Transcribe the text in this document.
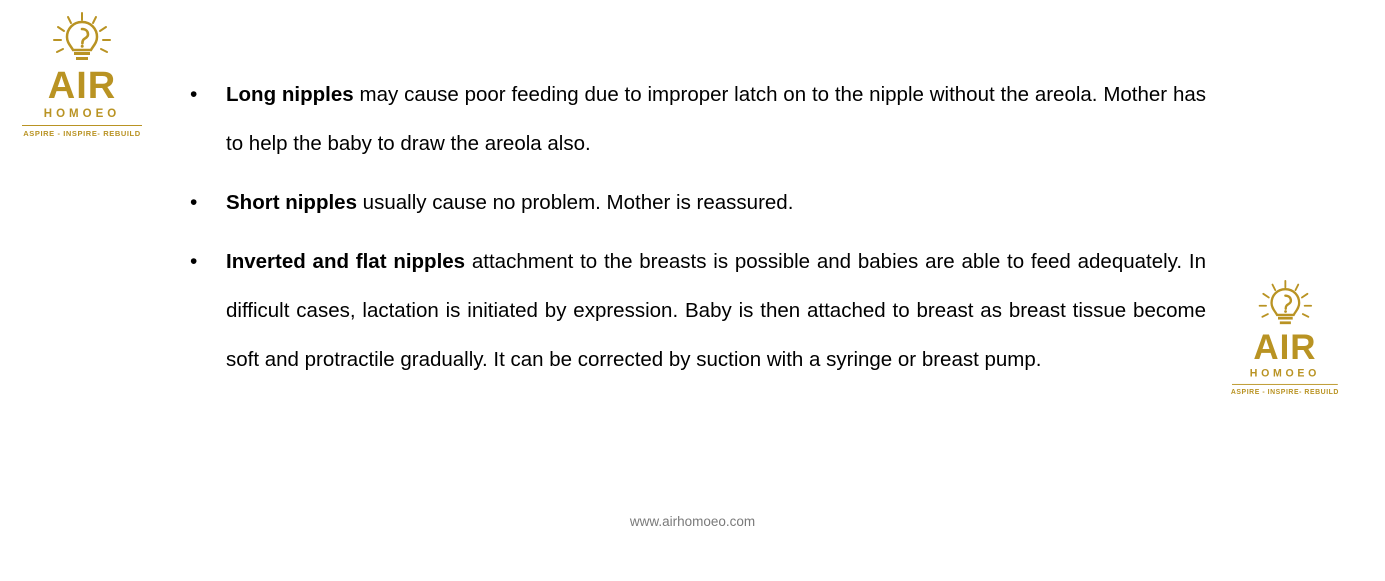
AIR
HOMOEO
ASPIRE - INSPIRE- REBUILD
AIR
HOMOEO
ASPIRE - INSPIRE- REBUILD
•	Long nipples may cause poor feeding due to improper latch on to the nipple without the areola. Mother has to help the baby to draw the areola also.
•	Short nipples usually cause no problem. Mother is reassured.
•	Inverted and flat nipples attachment to the breasts is possible and babies are able to feed adequately. In difficult cases, lactation is initiated by expression. Baby is then attached to breast as breast tissue become soft and protractile gradually. It can be corrected by suction with a syringe or breast pump.
www.airhomoeo.com
